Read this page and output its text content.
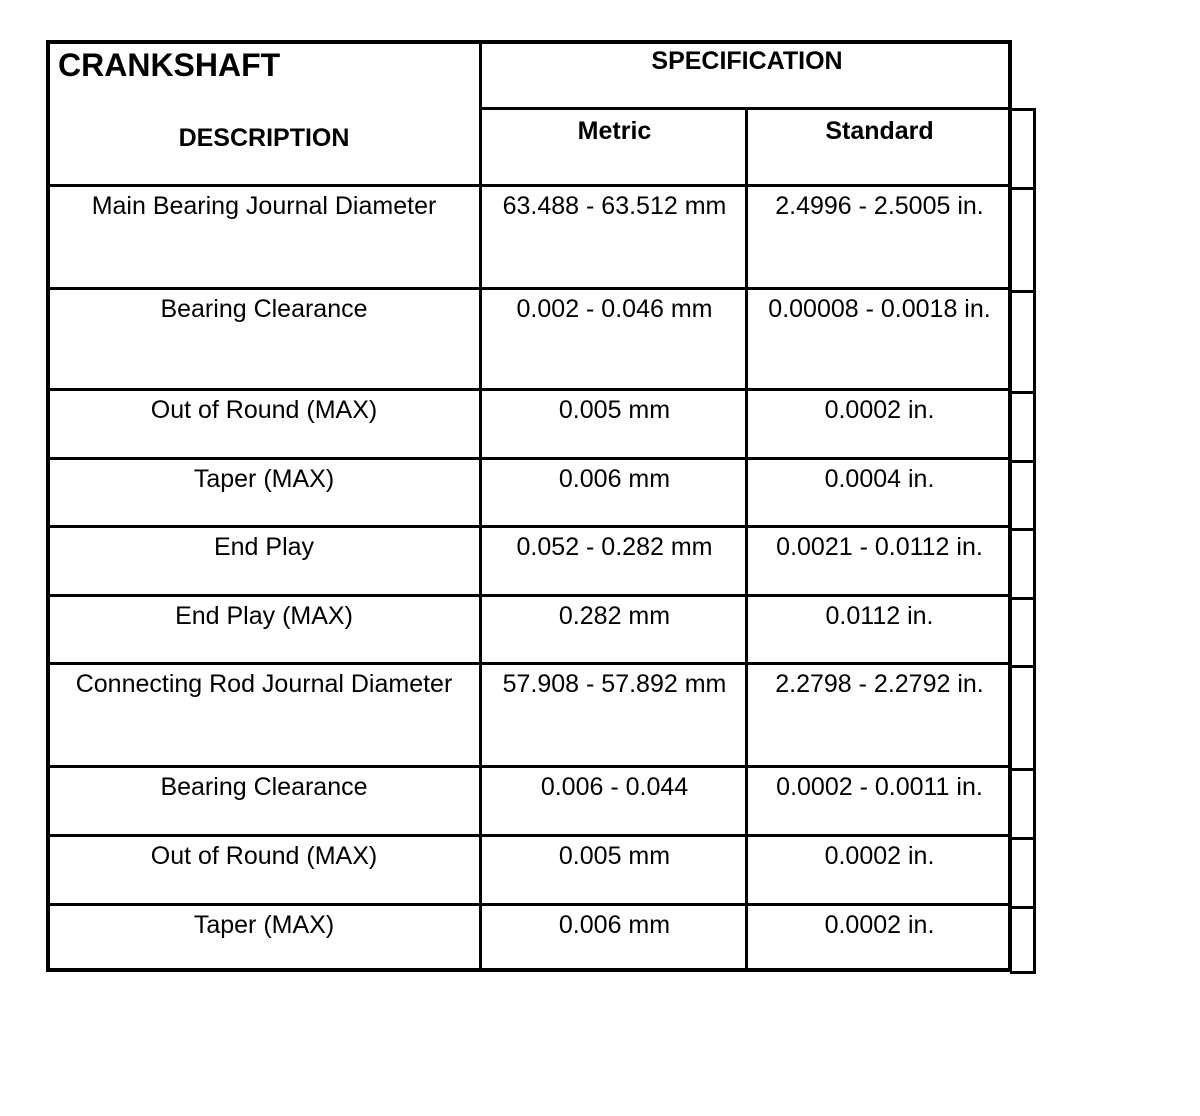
CRANKSHAFT	SPECIFICATION
DESCRIPTION	Metric	Standard
Main Bearing Journal Diameter	63.488 - 63.512 mm	2.4996 - 2.5005 in.
Bearing Clearance	0.002 - 0.046 mm	0.00008 - 0.0018 in.
Out of Round (MAX)	0.005 mm	0.0002 in.
Taper (MAX)	0.006 mm	0.0004 in.
End Play	0.052 - 0.282 mm	0.0021 - 0.0112 in.
End Play (MAX)	0.282 mm	0.0112 in.
Connecting Rod Journal Diameter	57.908 - 57.892 mm	2.2798 - 2.2792 in.
Bearing Clearance	0.006 - 0.044	0.0002 - 0.0011 in.
Out of Round (MAX)	0.005 mm	0.0002 in.
Taper (MAX)	0.006 mm	0.0002 in.
